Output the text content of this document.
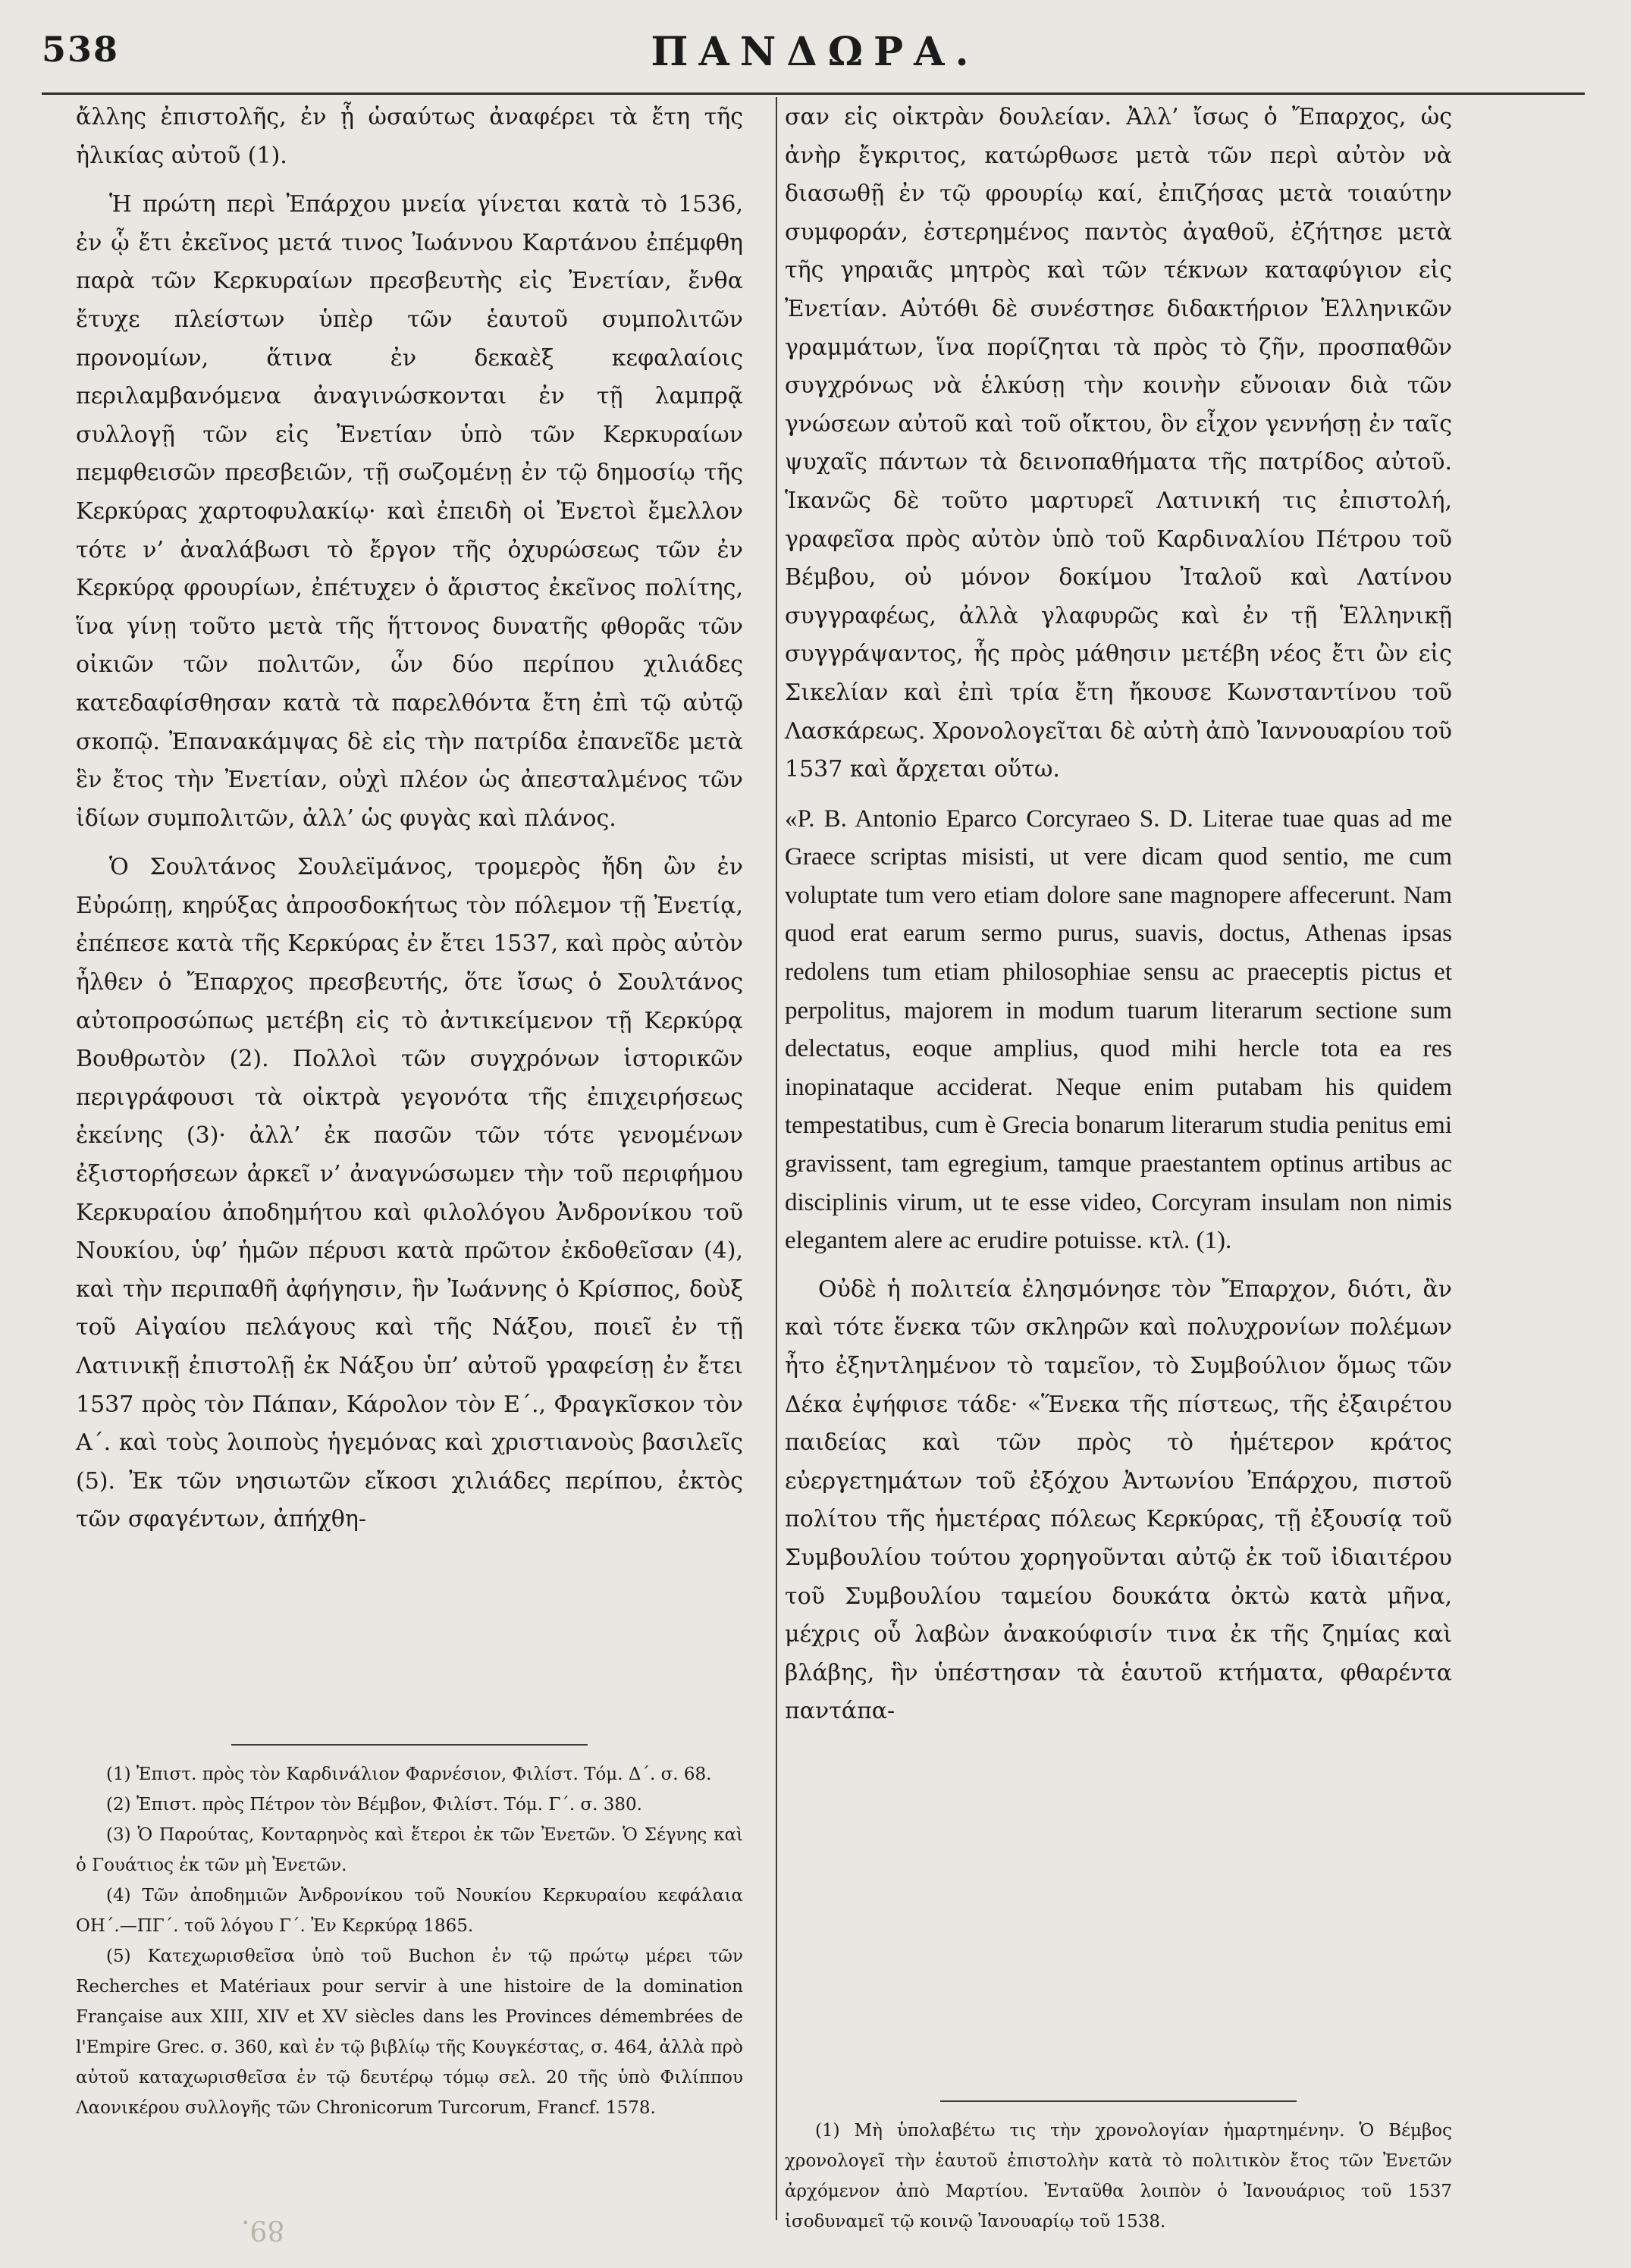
538	ΠΑΝΔΩΡΑ.

ἄλλης ἐπιστολῆς, ἐν ᾗ ὡσαύτως ἀναφέρει τὰ ἔτη τῆς ἡλικίας αὐτοῦ (1).

Ἡ πρώτη περὶ Ἐπάρχου μνεία γίνεται κατὰ τὸ 1536, ἐν ᾧ ἔτι ἐκεῖνος μετά τινος Ἰωάννου Καρτάνου ἐπέμφθη παρὰ τῶν Κερκυραίων πρεσβευτὴς εἰς Ἐνετίαν, ἔνθα ἔτυχε πλείστων ὑπὲρ τῶν ἑαυτοῦ συμπολιτῶν προνομίων, ἅτινα ἐν δεκαὲξ κεφαλαίοις περιλαμβανόμενα ἀναγινώσκονται ἐν τῇ λαμπρᾷ συλλογῇ τῶν εἰς Ἐνετίαν ὑπὸ τῶν Κερκυραίων πεμφθεισῶν πρεσβειῶν, τῇ σωζομένῃ ἐν τῷ δημοσίῳ τῆς Κερκύρας χαρτοφυλακίῳ· καὶ ἐπειδὴ οἱ Ἐνετοὶ ἔμελλον τότε ν’ ἀναλάβωσι τὸ ἔργον τῆς ὀχυρώσεως τῶν ἐν Κερκύρᾳ φρουρίων, ἐπέτυχεν ὁ ἄριστος ἐκεῖνος πολίτης, ἵνα γίνῃ τοῦτο μετὰ τῆς ἥττονος δυνατῆς φθορᾶς τῶν οἰκιῶν τῶν πολιτῶν, ὧν δύο περίπου χιλιάδες κατεδαφίσθησαν κατὰ τὰ παρελθόντα ἔτη ἐπὶ τῷ αὐτῷ σκοπῷ. Ἐπανακάμψας δὲ εἰς τὴν πατρίδα ἐπανεῖδε μετὰ ἓν ἔτος τὴν Ἐνετίαν, οὐχὶ πλέον ὡς ἀπεσταλμένος τῶν ἰδίων συμπολιτῶν, ἀλλ’ ὡς φυγὰς καὶ πλάνος.

Ὁ Σουλτάνος Σουλεϊμάνος, τρομερὸς ἤδη ὢν ἐν Εὐρώπῃ, κηρύξας ἀπροσδοκήτως τὸν πόλεμον τῇ Ἐνετίᾳ, ἐπέπεσε κατὰ τῆς Κερκύρας ἐν ἔτει 1537, καὶ πρὸς αὐτὸν ἦλθεν ὁ Ἔπαρχος πρεσβευτής, ὅτε ἴσως ὁ Σουλτάνος αὐτοπροσώπως μετέβη εἰς τὸ ἀντικείμενον τῇ Κερκύρᾳ Βουθρωτὸν (2). Πολλοὶ τῶν συγχρόνων ἱστορικῶν περιγράφουσι τὰ οἰκτρὰ γεγονότα τῆς ἐπιχειρήσεως ἐκείνης (3)· ἀλλ’ ἐκ πασῶν τῶν τότε γενομένων ἐξιστορήσεων ἀρκεῖ ν’ ἀναγνώσωμεν τὴν τοῦ περιφήμου Κερκυραίου ἀποδημήτου καὶ φιλολόγου Ἀνδρονίκου τοῦ Νουκίου, ὑφ’ ἡμῶν πέρυσι κατὰ πρῶτον ἐκδοθεῖσαν (4), καὶ τὴν περιπαθῆ ἀφήγησιν, ἣν Ἰωάννης ὁ Κρίσπος, δοὺξ τοῦ Αἰγαίου πελάγους καὶ τῆς Νάξου, ποιεῖ ἐν τῇ Λατινικῇ ἐπιστολῇ ἐκ Νάξου ὑπ’ αὐτοῦ γραφείσῃ ἐν ἔτει 1537 πρὸς τὸν Πάπαν, Κάρολον τὸν Ε΄., Φραγκῖσκον τὸν Α΄. καὶ τοὺς λοιποὺς ἡγεμόνας καὶ χριστιανοὺς βασιλεῖς (5). Ἐκ τῶν νησιωτῶν εἴκοσι χιλιάδες περίπου, ἐκτὸς τῶν σφαγέντων, ἀπήχθη-

σαν εἰς οἰκτρὰν δουλείαν. Ἀλλ’ ἴσως ὁ Ἔπαρχος, ὡς ἀνὴρ ἔγκριτος, κατώρθωσε μετὰ τῶν περὶ αὐτὸν νὰ διασωθῇ ἐν τῷ φρουρίῳ καί, ἐπιζήσας μετὰ τοιαύτην συμφοράν, ἐστερημένος παντὸς ἀγαθοῦ, ἐζήτησε μετὰ τῆς γηραιᾶς μητρὸς καὶ τῶν τέκνων καταφύγιον εἰς Ἐνετίαν. Αὐτόθι δὲ συνέστησε διδακτήριον Ἑλληνικῶν γραμμάτων, ἵνα πορίζηται τὰ πρὸς τὸ ζῆν, προσπαθῶν συγχρόνως νὰ ἑλκύσῃ τὴν κοινὴν εὔνοιαν διὰ τῶν γνώσεων αὐτοῦ καὶ τοῦ οἴκτου, ὃν εἶχον γεννήσῃ ἐν ταῖς ψυχαῖς πάντων τὰ δεινοπαθήματα τῆς πατρίδος αὐτοῦ. Ἱκανῶς δὲ τοῦτο μαρτυρεῖ Λατινική τις ἐπιστολή, γραφεῖσα πρὸς αὐτὸν ὑπὸ τοῦ Καρδιναλίου Πέτρου τοῦ Βέμβου, οὐ μόνον δοκίμου Ἰταλοῦ καὶ Λατίνου συγγραφέως, ἀλλὰ γλαφυρῶς καὶ ἐν τῇ Ἑλληνικῇ συγγράψαντος, ἧς πρὸς μάθησιν μετέβη νέος ἔτι ὢν εἰς Σικελίαν καὶ ἐπὶ τρία ἔτη ἤκουσε Κωνσταντίνου τοῦ Λασκάρεως. Χρονολογεῖται δὲ αὐτὴ ἀπὸ Ἰαννουαρίου τοῦ 1537 καὶ ἄρχεται οὕτω.

«P. B. Antonio Eparco Corcyraeo S. D. Literae tuae quas ad me Graece scriptas misisti, ut vere dicam quod sentio, me cum voluptate tum vero etiam dolore sane magnopere affecerunt. Nam quod erat earum sermo purus, suavis, doctus, Athenas ipsas redolens tum etiam philosophiae sensu ac praeceptis pictus et perpolitus, majorem in modum tuarum literarum sectione sum delectatus, eoque amplius, quod mihi hercle tota ea res inopinataque acciderat. Neque enim putabam his quidem tempestatibus, cum è Grecia bonarum literarum studia penitus emi gravissent, tam egregium, tamque praestantem optinus artibus ac disciplinis virum, ut te esse video, Corcyram insulam non nimis elegantem alere ac erudire potuisse. κτλ. (1).

Οὐδὲ ἡ πολιτεία ἐλησμόνησε τὸν Ἔπαρχον, διότι, ἂν καὶ τότε ἕνεκα τῶν σκληρῶν καὶ πολυχρονίων πολέμων ἦτο ἐξηντλημένον τὸ ταμεῖον, τὸ Συμβούλιον ὅμως τῶν Δέκα ἐψήφισε τάδε· «Ἕνεκα τῆς πίστεως, τῆς ἐξαιρέτου παιδείας καὶ τῶν πρὸς τὸ ἡμέτερον κράτος εὐεργετημάτων τοῦ ἐξόχου Ἀντωνίου Ἐπάρχου, πιστοῦ πολίτου τῆς ἡμετέρας πόλεως Κερκύρας, τῇ ἐξουσίᾳ τοῦ Συμβουλίου τούτου χορηγοῦνται αὐτῷ ἐκ τοῦ ἰδιαιτέρου τοῦ Συμβουλίου ταμείου δουκάτα ὀκτὼ κατὰ μῆνα, μέχρις οὗ λαβὼν ἀνακούφισίν τινα ἐκ τῆς ζημίας καὶ βλάβης, ἣν ὑπέστησαν τὰ ἑαυτοῦ κτήματα, φθαρέντα παντάπα-

(1) Ἐπιστ. πρὸς τὸν Καρδινάλιον Φαρνέσιον, Φιλίστ. Τόμ. Δ΄. σ. 68.

(2) Ἐπιστ. πρὸς Πέτρον τὸν Βέμβον, Φιλίστ. Τόμ. Γ΄. σ. 380.

(3) Ὁ Παρούτας, Κονταρηνὸς καὶ ἕτεροι ἐκ τῶν Ἐνετῶν. Ὁ Σέγνης καὶ ὁ Γουάτιος ἐκ τῶν μὴ Ἐνετῶν.

(4) Τῶν ἀποδημιῶν Ἀνδρονίκου τοῦ Νουκίου Κερκυραίου κεφάλαια ΟΗ΄.—ΠΓ΄. τοῦ λόγου Γ΄. Ἐν Κερκύρᾳ 1865.

(5) Κατεχωρισθεῖσα ὑπὸ τοῦ Buchon ἐν τῷ πρώτῳ μέρει τῶν Recherches et Matériaux pour servir à une histoire de la domination Française aux XIII, XIV et XV siècles dans les Provinces démembrées de l'Empire Grec. σ. 360, καὶ ἐν τῷ βιβλίῳ τῆς Κουγκέστας, σ. 464, ἀλλὰ πρὸ αὐτοῦ καταχωρισθεῖσα ἐν τῷ δευτέρῳ τόμῳ σελ. 20 τῆς ὑπὸ Φιλίππου Λαονικέρου συλλογῆς τῶν Chronicorum Turcorum, Francf. 1578.

(1) Μὴ ὑπολαβέτω τις τὴν χρονολογίαν ἡμαρτημένην. Ὁ Βέμβος χρονολογεῖ τὴν ἑαυτοῦ ἐπιστολὴν κατὰ τὸ πολιτικὸν ἔτος τῶν Ἐνετῶν ἀρχόμενον ἀπὸ Μαρτίου. Ἐνταῦθα λοιπὸν ὁ Ἰανουάριος τοῦ 1537 ἰσοδυναμεῖ τῷ κοινῷ Ἰανουαρίῳ τοῦ 1538.

89.
